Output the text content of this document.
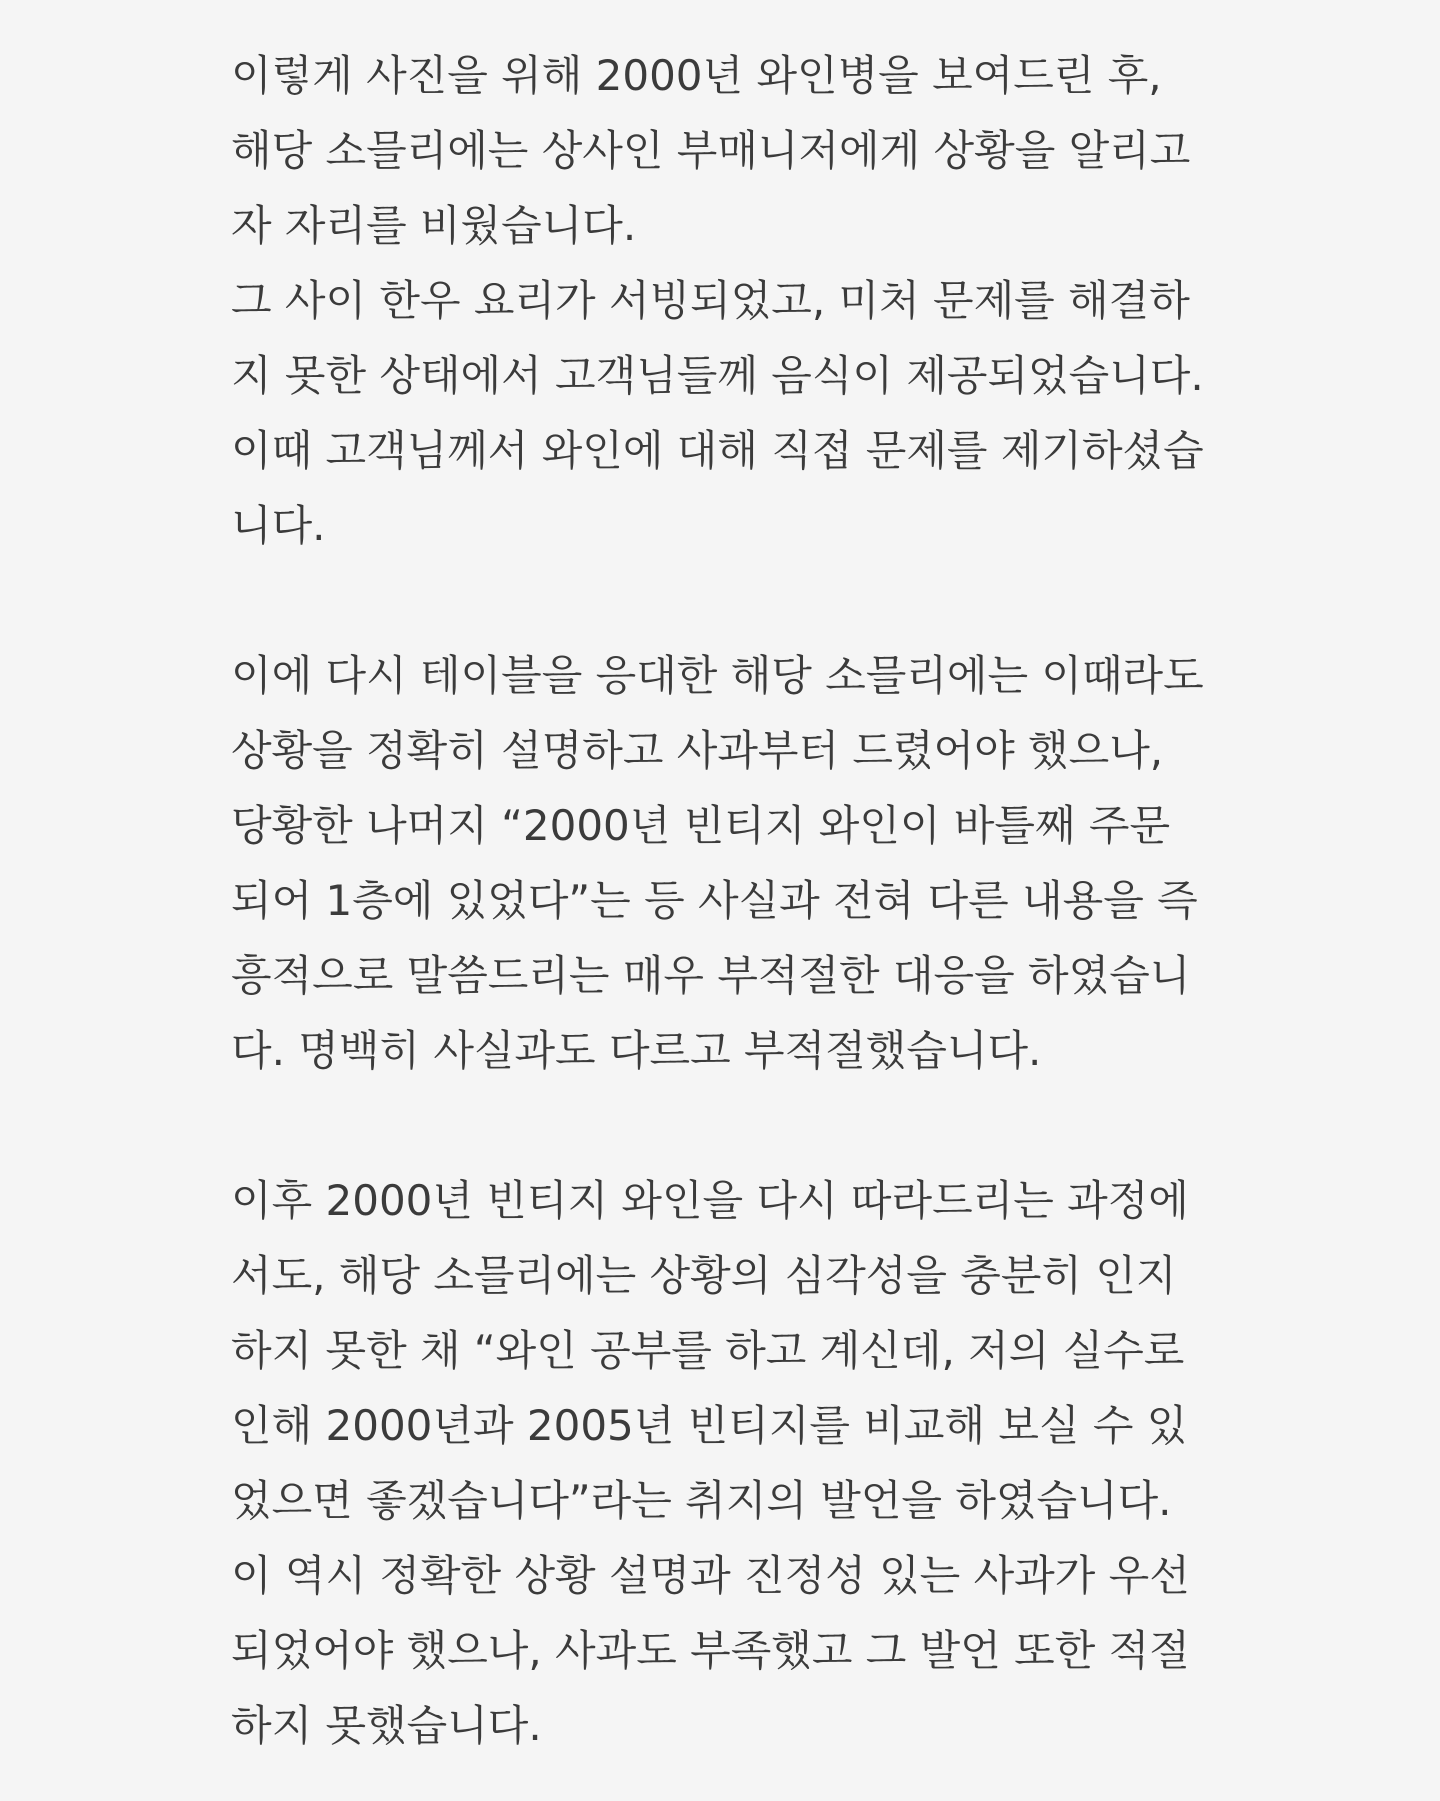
이렇게 사진을 위해 2000년 와인병을 보여드린 후,
해당 소믈리에는 상사인 부매니저에게 상황을 알리고
자 자리를 비웠습니다.
그 사이 한우 요리가 서빙되었고, 미처 문제를 해결하
지 못한 상태에서 고객님들께 음식이 제공되었습니다.
이때 고객님께서 와인에 대해 직접 문제를 제기하셨습
니다.
이에 다시 테이블을 응대한 해당 소믈리에는 이때라도
상황을 정확히 설명하고 사과부터 드렸어야 했으나,
당황한 나머지 “2000년 빈티지 와인이 바틀째 주문
되어 1층에 있었다”는 등 사실과 전혀 다른 내용을 즉
흥적으로 말씀드리는 매우 부적절한 대응을 하였습니
다. 명백히 사실과도 다르고 부적절했습니다.
이후 2000년 빈티지 와인을 다시 따라드리는 과정에
서도, 해당 소믈리에는 상황의 심각성을 충분히 인지
하지 못한 채 “와인 공부를 하고 계신데, 저의 실수로
인해 2000년과 2005년 빈티지를 비교해 보실 수 있
었으면 좋겠습니다”라는 취지의 발언을 하였습니다.
이 역시 정확한 상황 설명과 진정성 있는 사과가 우선
되었어야 했으나, 사과도 부족했고 그 발언 또한 적절
하지 못했습니다.
